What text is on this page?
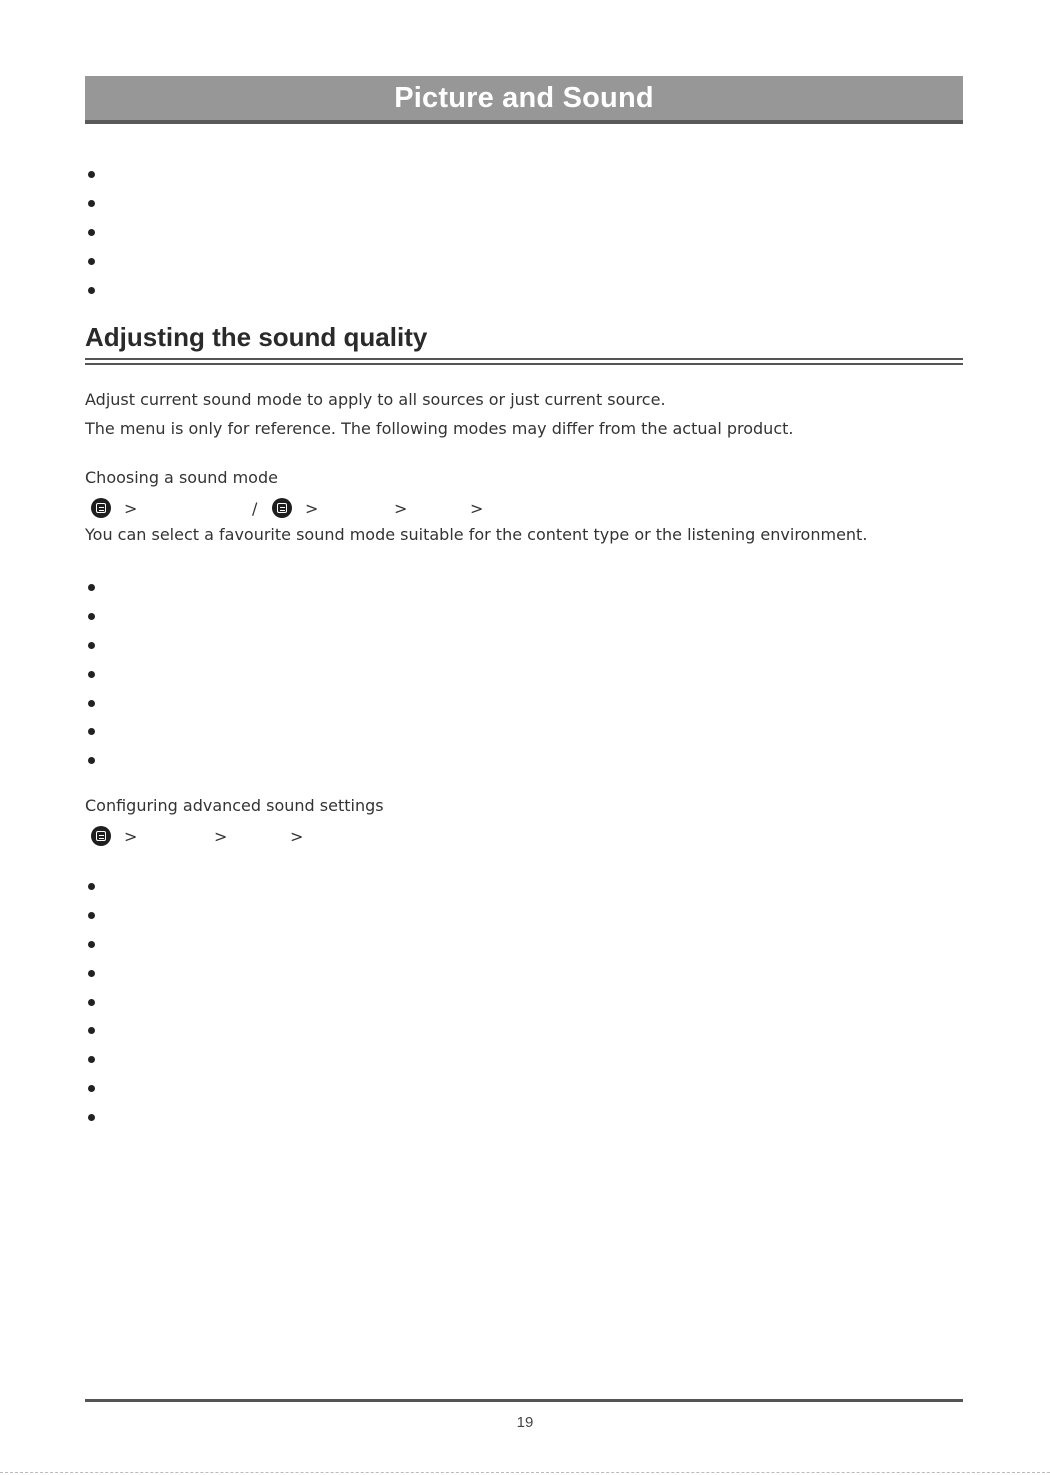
Picture and Sound
Adjusting the sound quality
Adjust current sound mode to apply to all sources or just current source.
The menu is only for reference. The following modes may differ from the actual product.
Choosing a sound mode
>	/	>	>	>
You can select a favourite sound mode suitable for the content type or the listening environment.
Configuring advanced sound settings
>	>	>
19
